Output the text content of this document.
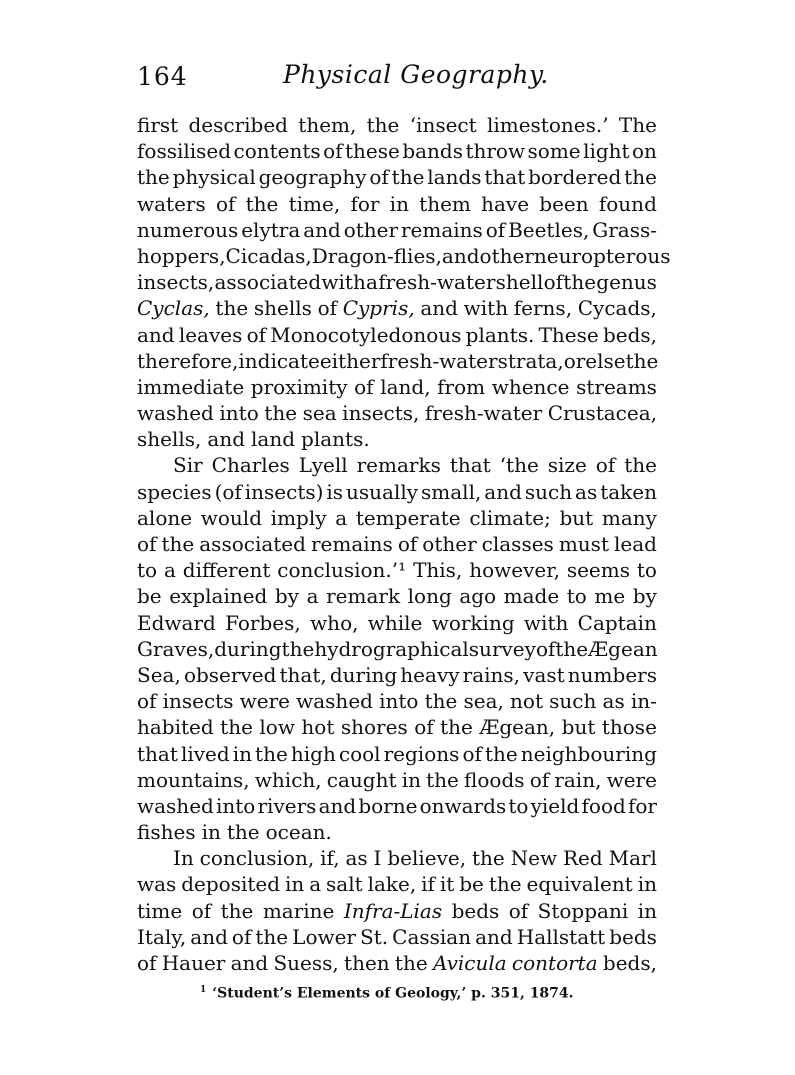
164	Physical Geography.
first described them, the ‘insect limestones.’ The
fossilised contents of these bands throw some light on
the physical geography of the lands that bordered the
waters of the time, for in them have been found
numerous elytra and other remains of Beetles, Grass-
hoppers, Cicadas, Dragon-flies, and other neuropterous
insects, associated with a fresh-water shell of the genus
Cyclas, the shells of Cypris, and with ferns, Cycads,
and leaves of Monocotyledonous plants. These beds,
therefore, indicate either fresh-water strata, or else the
immediate proximity of land, from whence streams
washed into the sea insects, fresh-water Crustacea,
shells, and land plants.
Sir Charles Lyell remarks that ‘the size of the
species (of insects) is usually small, and such as taken
alone would imply a temperate climate; but many
of the associated remains of other classes must lead
to a different conclusion.’¹ This, however, seems to
be explained by a remark long ago made to me by
Edward Forbes, who, while working with Captain
Graves, during the hydrographical survey of the Ægean
Sea, observed that, during heavy rains, vast numbers
of insects were washed into the sea, not such as in-
habited the low hot shores of the Ægean, but those
that lived in the high cool regions of the neighbouring
mountains, which, caught in the floods of rain, were
washed into rivers and borne onwards to yield food for
fishes in the ocean.
In conclusion, if, as I believe, the New Red Marl
was deposited in a salt lake, if it be the equivalent in
time of the marine Infra-Lias beds of Stoppani in
Italy, and of the Lower St. Cassian and Hallstatt beds
of Hauer and Suess, then the Avicula contorta beds,
$^1$ ‘Student’s Elements of Geology,’ p. 351, 1874.
